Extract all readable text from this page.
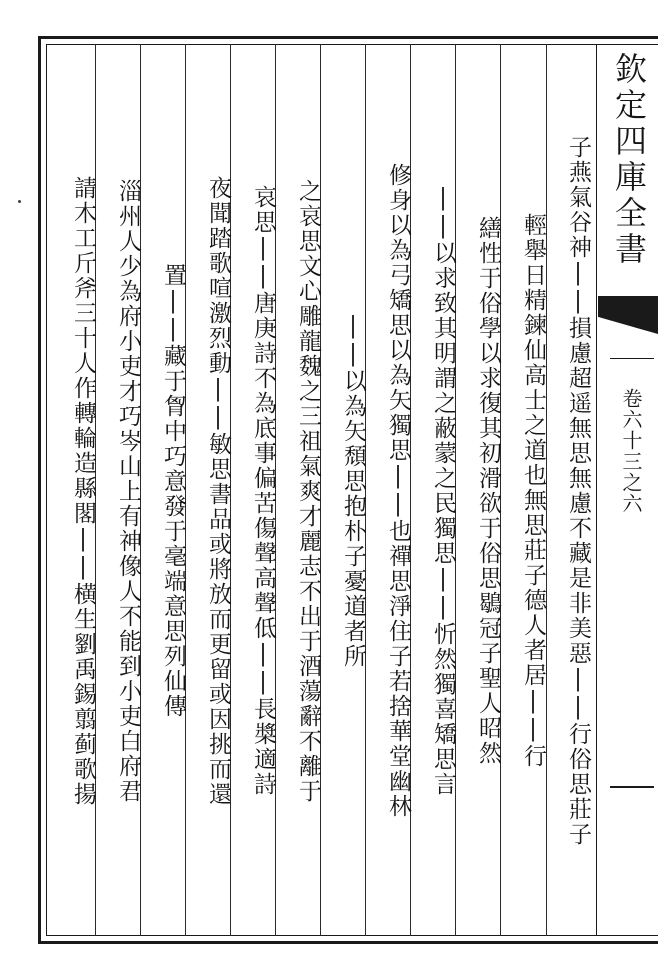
欽定四庫全書
卷六十三之六
子燕氣谷神||損慮超遥無思無慮不藏是非美惡||行俗思莊子
輕舉日精鍊仙高士之道也無思莊子德人者居||行
繕性于俗學以求復其初滑欲于俗思鶡冠子聖人昭然
||以求致其明謂之蔽蒙之民獨思||忻然獨喜矯思言
修身以為弓矯思以為矢獨思||也禪思淨住子若捨華堂幽林
||以為矢頹思抱朴子憂道者所
之哀思文心雕龍魏之三祖氣爽才麗志不出于酒蕩辭不離于
哀思||唐庚詩不為底事偏苦傷聲高聲低||長槳適詩
夜聞踏歌喧激烈動||敏思書品或將放而更留或因挑而還
置||藏于胷中巧意發于毫端意思列仙傳
淄州人少為府小吏才巧岑山上有神像人不能到小吏白府君
請木工斤斧三十人作轉輪造縣閣||横生劉禹錫翦蓟歌揚
